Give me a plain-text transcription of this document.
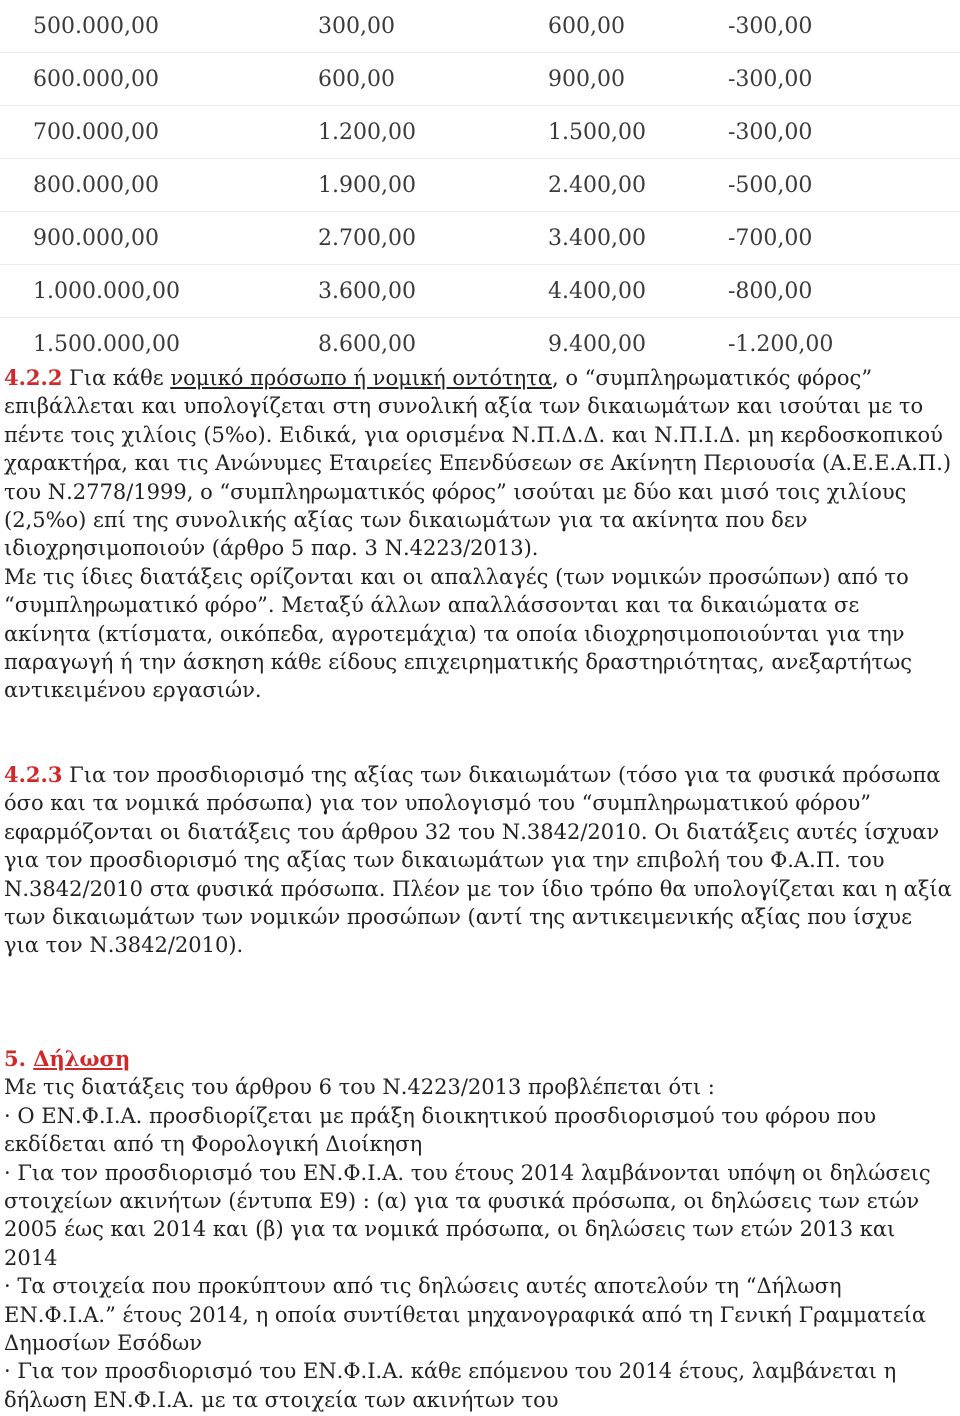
500.000,00	300,00	600,00	-300,00
600.000,00	600,00	900,00	-300,00
700.000,00	1.200,00	1.500,00	-300,00
800.000,00	1.900,00	2.400,00	-500,00
900.000,00	2.700,00	3.400,00	-700,00
1.000.000,00	3.600,00	4.400,00	-800,00
1.500.000,00	8.600,00	9.400,00	-1.200,00

4.2.2 Για κάθε νομικό πρόσωπο ή νομική οντότητα, ο “συμπληρωματικός φόρος” επιβάλλεται και υπολογίζεται στη συνολική αξία των δικαιωμάτων και ισούται με το πέντε τοις χιλίοις (5%ο). Ειδικά, για ορισμένα Ν.Π.Δ.Δ. και Ν.Π.Ι.Δ. μη κερδοσκοπικού χαρακτήρα, και τις Ανώνυμες Εταιρείες Επενδύσεων σε Ακίνητη Περιουσία (Α.Ε.Ε.Α.Π.) του Ν.2778/1999, ο “συμπληρωματικός φόρος” ισούται με δύο και μισό τοις χιλίους (2,5%ο) επί της συνολικής αξίας των δικαιωμάτων για τα ακίνητα που δεν ιδιοχρησιμοποιούν (άρθρο 5 παρ. 3 Ν.4223/2013).

Με τις ίδιες διατάξεις ορίζονται και οι απαλλαγές (των νομικών προσώπων) από το “συμπληρωματικό φόρο”. Μεταξύ άλλων απαλλάσσονται και τα δικαιώματα σε ακίνητα (κτίσματα, οικόπεδα, αγροτεμάχια) τα οποία ιδιοχρησιμοποιούνται για την παραγωγή ή την άσκηση κάθε είδους επιχειρηματικής δραστηριότητας, ανεξαρτήτως αντικειμένου εργασιών.

4.2.3 Για τον προσδιορισμό της αξίας των δικαιωμάτων (τόσο για τα φυσικά πρόσωπα όσο και τα νομικά πρόσωπα) για τον υπολογισμό του “συμπληρωματικού φόρου” εφαρμόζονται οι διατάξεις του άρθρου 32 του Ν.3842/2010. Οι διατάξεις αυτές ίσχυαν για τον προσδιορισμό της αξίας των δικαιωμάτων για την επιβολή του Φ.Α.Π. του Ν.3842/2010 στα φυσικά πρόσωπα. Πλέον με τον ίδιο τρόπο θα υπολογίζεται και η αξία των δικαιωμάτων των νομικών προσώπων (αντί της αντικειμενικής αξίας που ίσχυε για τον Ν.3842/2010).

5. Δήλωση

Με τις διατάξεις του άρθρου 6 του Ν.4223/2013 προβλέπεται ότι :

· Ο ΕΝ.Φ.Ι.Α. προσδιορίζεται με πράξη διοικητικού προσδιορισμού του φόρου που εκδίδεται από τη Φορολογική Διοίκηση

· Για τον προσδιορισμό του ΕΝ.Φ.Ι.Α. του έτους 2014 λαμβάνονται υπόψη οι δηλώσεις στοιχείων ακινήτων (έντυπα Ε9) : (α) για τα φυσικά πρόσωπα, οι δηλώσεις των ετών 2005 έως και 2014 και (β) για τα νομικά πρόσωπα, οι δηλώσεις των ετών 2013 και 2014

· Τα στοιχεία που προκύπτουν από τις δηλώσεις αυτές αποτελούν τη “Δήλωση ΕΝ.Φ.Ι.Α.” έτους 2014, η οποία συντίθεται μηχανογραφικά από τη Γενική Γραμματεία Δημοσίων Εσόδων

· Για τον προσδιορισμό του ΕΝ.Φ.Ι.Α. κάθε επόμενου του 2014 έτους, λαμβάνεται η δήλωση ΕΝ.Φ.Ι.Α. με τα στοιχεία των ακινήτων του
